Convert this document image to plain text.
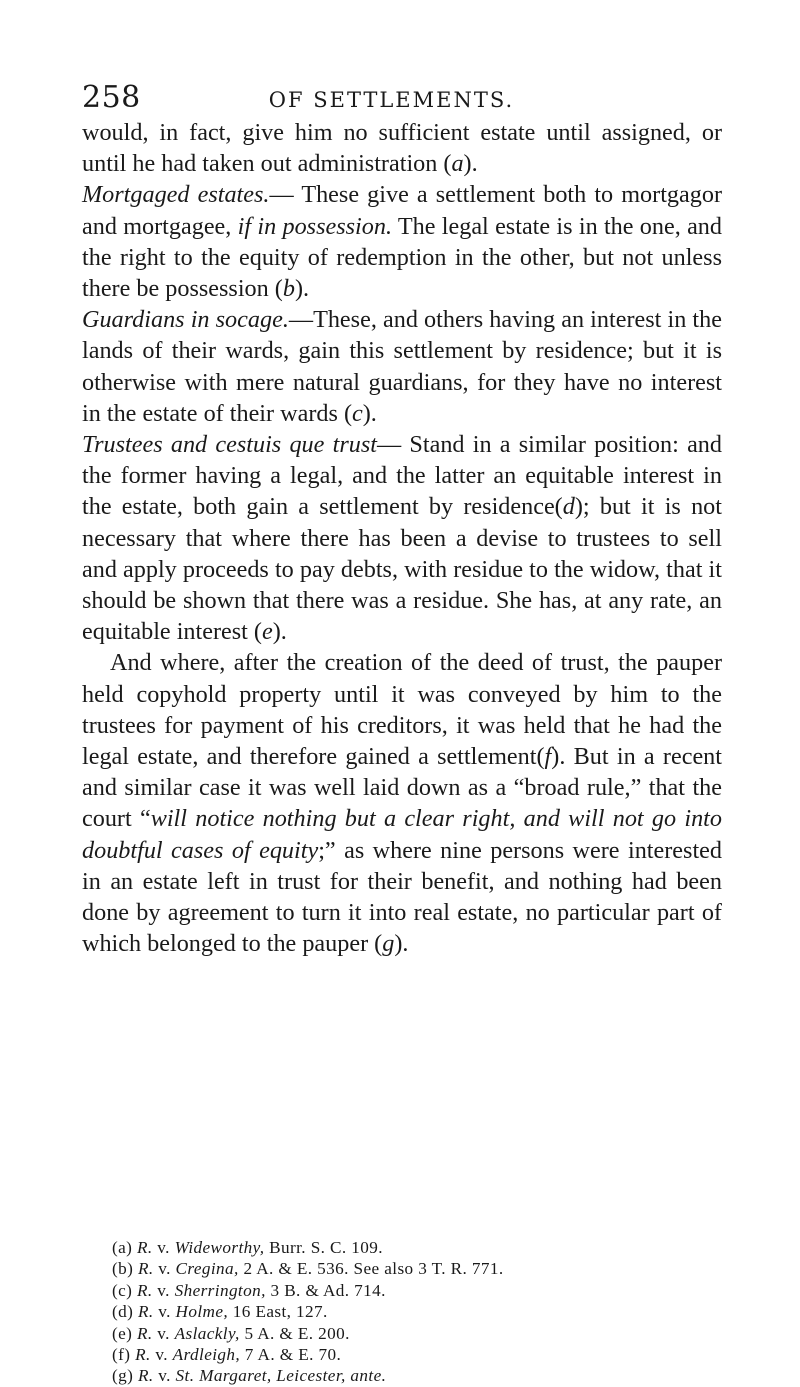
258	OF SETTLEMENTS.

would, in fact, give him no sufficient estate until assigned, or until he had taken out administration (a).
Mortgaged estates.— These give a settlement both to mortgagor and mortgagee, if in possession. The legal estate is in the one, and the right to the equity of redemption in the other, but not unless there be possession (b).
Guardians in socage.—These, and others having an interest in the lands of their wards, gain this settlement by residence; but it is otherwise with mere natural guardians, for they have no interest in the estate of their wards (c).
Trustees and cestuis que trust— Stand in a similar position: and the former having a legal, and the latter an equitable interest in the estate, both gain a settlement by residence(d); but it is not necessary that where there has been a devise to trustees to sell and apply proceeds to pay debts, with residue to the widow, that it should be shown that there was a residue. She has, at any rate, an equitable interest (e).

And where, after the creation of the deed of trust, the pauper held copyhold property until it was conveyed by him to the trustees for payment of his creditors, it was held that he had the legal estate, and therefore gained a settlement(f). But in a recent and similar case it was well laid down as a “broad rule,” that the court “will notice nothing but a clear right, and will not go into doubtful cases of equity;” as where nine persons were interested in an estate left in trust for their benefit, and nothing had been done by agreement to turn it into real estate, no particular part of which belonged to the pauper (g).

(a) R. v. Wideworthy, Burr. S. C. 109.
(b) R. v. Cregina, 2 A. & E. 536. See also 3 T. R. 771.
(c) R. v. Sherrington, 3 B. & Ad. 714.
(d) R. v. Holme, 16 East, 127.
(e) R. v. Aslackly, 5 A. & E. 200.
(f) R. v. Ardleigh, 7 A. & E. 70.
(g) R. v. St. Margaret, Leicester, ante.
